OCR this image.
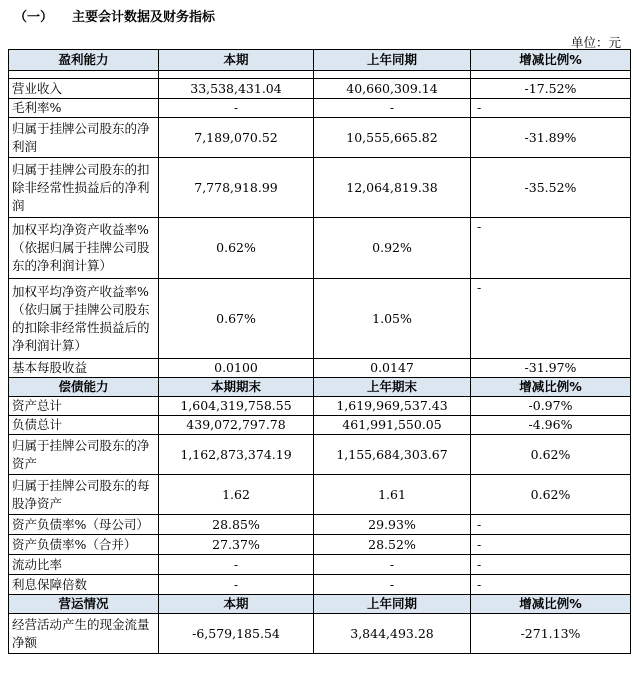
（一） 主要会计数据及财务指标
单位：元
盈利能力	本期	上年同期	增减比例%

营业收入	33,538,431.04	40,660,309.14	-17.52%
毛利率%	-	-	-
归属于挂牌公司股东的净利润	7,189,070.52	10,555,665.82	-31.89%
归属于挂牌公司股东的扣除非经常性损益后的净利润	7,778,918.99	12,064,819.38	-35.52%
加权平均净资产收益率%（依据归属于挂牌公司股东的净利润计算）	0.62%	0.92%	-
加权平均净资产收益率%（依归属于挂牌公司股东的扣除非经常性损益后的净利润计算）	0.67%	1.05%	-
基本每股收益	0.0100	0.0147	-31.97%
偿债能力	本期期末	上年期末	增减比例%
资产总计	1,604,319,758.55	1,619,969,537.43	-0.97%
负债总计	439,072,797.78	461,991,550.05	-4.96%
归属于挂牌公司股东的净资产	1,162,873,374.19	1,155,684,303.67	0.62%
归属于挂牌公司股东的每股净资产	1.62	1.61	0.62%
资产负债率%（母公司）	28.85%	29.93%	-
资产负债率%（合并）	27.37%	28.52%	-
流动比率	-	-	-
利息保障倍数	-	-	-
营运情况	本期	上年同期	增减比例%
经营活动产生的现金流量净额	-6,579,185.54	3,844,493.28	-271.13%
